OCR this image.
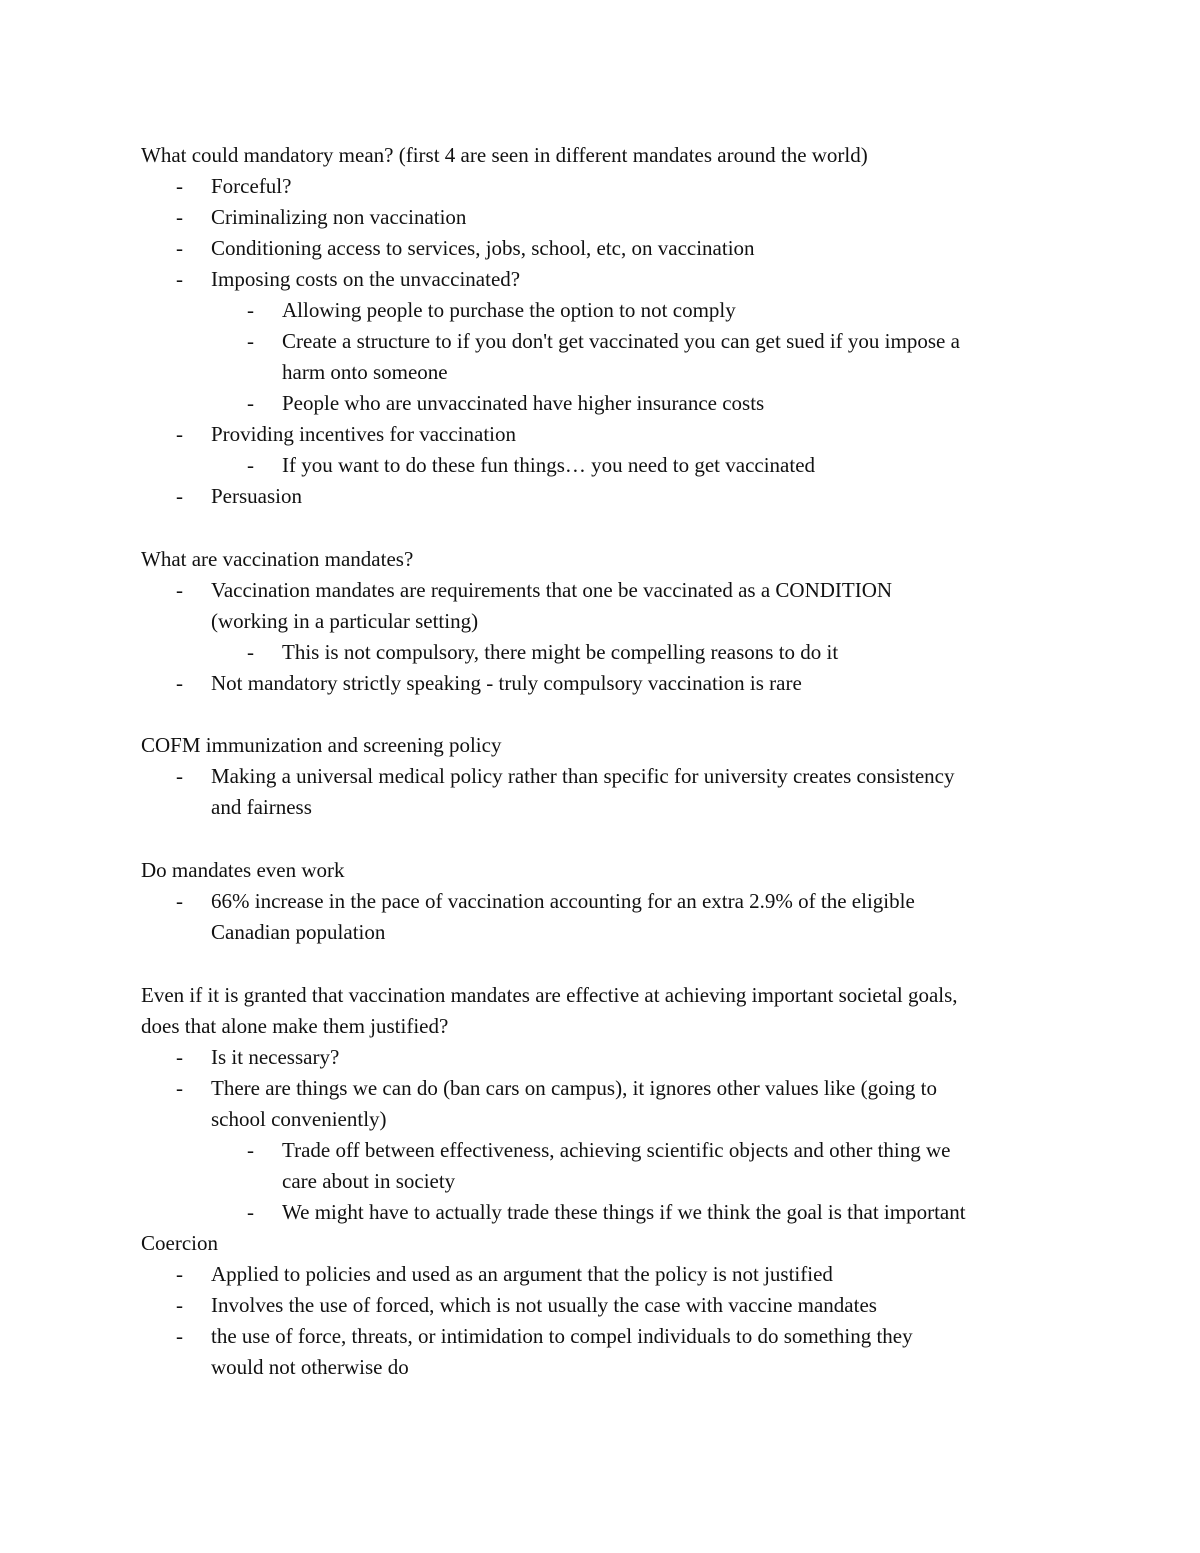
What could mandatory mean? (first 4 are seen in different mandates around the world)
- Forceful?
- Criminalizing non vaccination
- Conditioning access to services, jobs, school, etc, on vaccination
- Imposing costs on the unvaccinated?
- Allowing people to purchase the option to not comply
- Create a structure to if you don't get vaccinated you can get sued if you impose a
harm onto someone
- People who are unvaccinated have higher insurance costs
- Providing incentives for vaccination
- If you want to do these fun things… you need to get vaccinated
- Persuasion
What are vaccination mandates?
- Vaccination mandates are requirements that one be vaccinated as a CONDITION
(working in a particular setting)
- This is not compulsory, there might be compelling reasons to do it
- Not mandatory strictly speaking - truly compulsory vaccination is rare
COFM immunization and screening policy
- Making a universal medical policy rather than specific for university creates consistency
and fairness
Do mandates even work
- 66% increase in the pace of vaccination accounting for an extra 2.9% of the eligible
Canadian population
Even if it is granted that vaccination mandates are effective at achieving important societal goals,
does that alone make them justified?
- Is it necessary?
- There are things we can do (ban cars on campus), it ignores other values like (going to
school conveniently)
- Trade off between effectiveness, achieving scientific objects and other thing we
care about in society
- We might have to actually trade these things if we think the goal is that important
Coercion
- Applied to policies and used as an argument that the policy is not justified
- Involves the use of forced, which is not usually the case with vaccine mandates
- the use of force, threats, or intimidation to compel individuals to do something they
would not otherwise do
